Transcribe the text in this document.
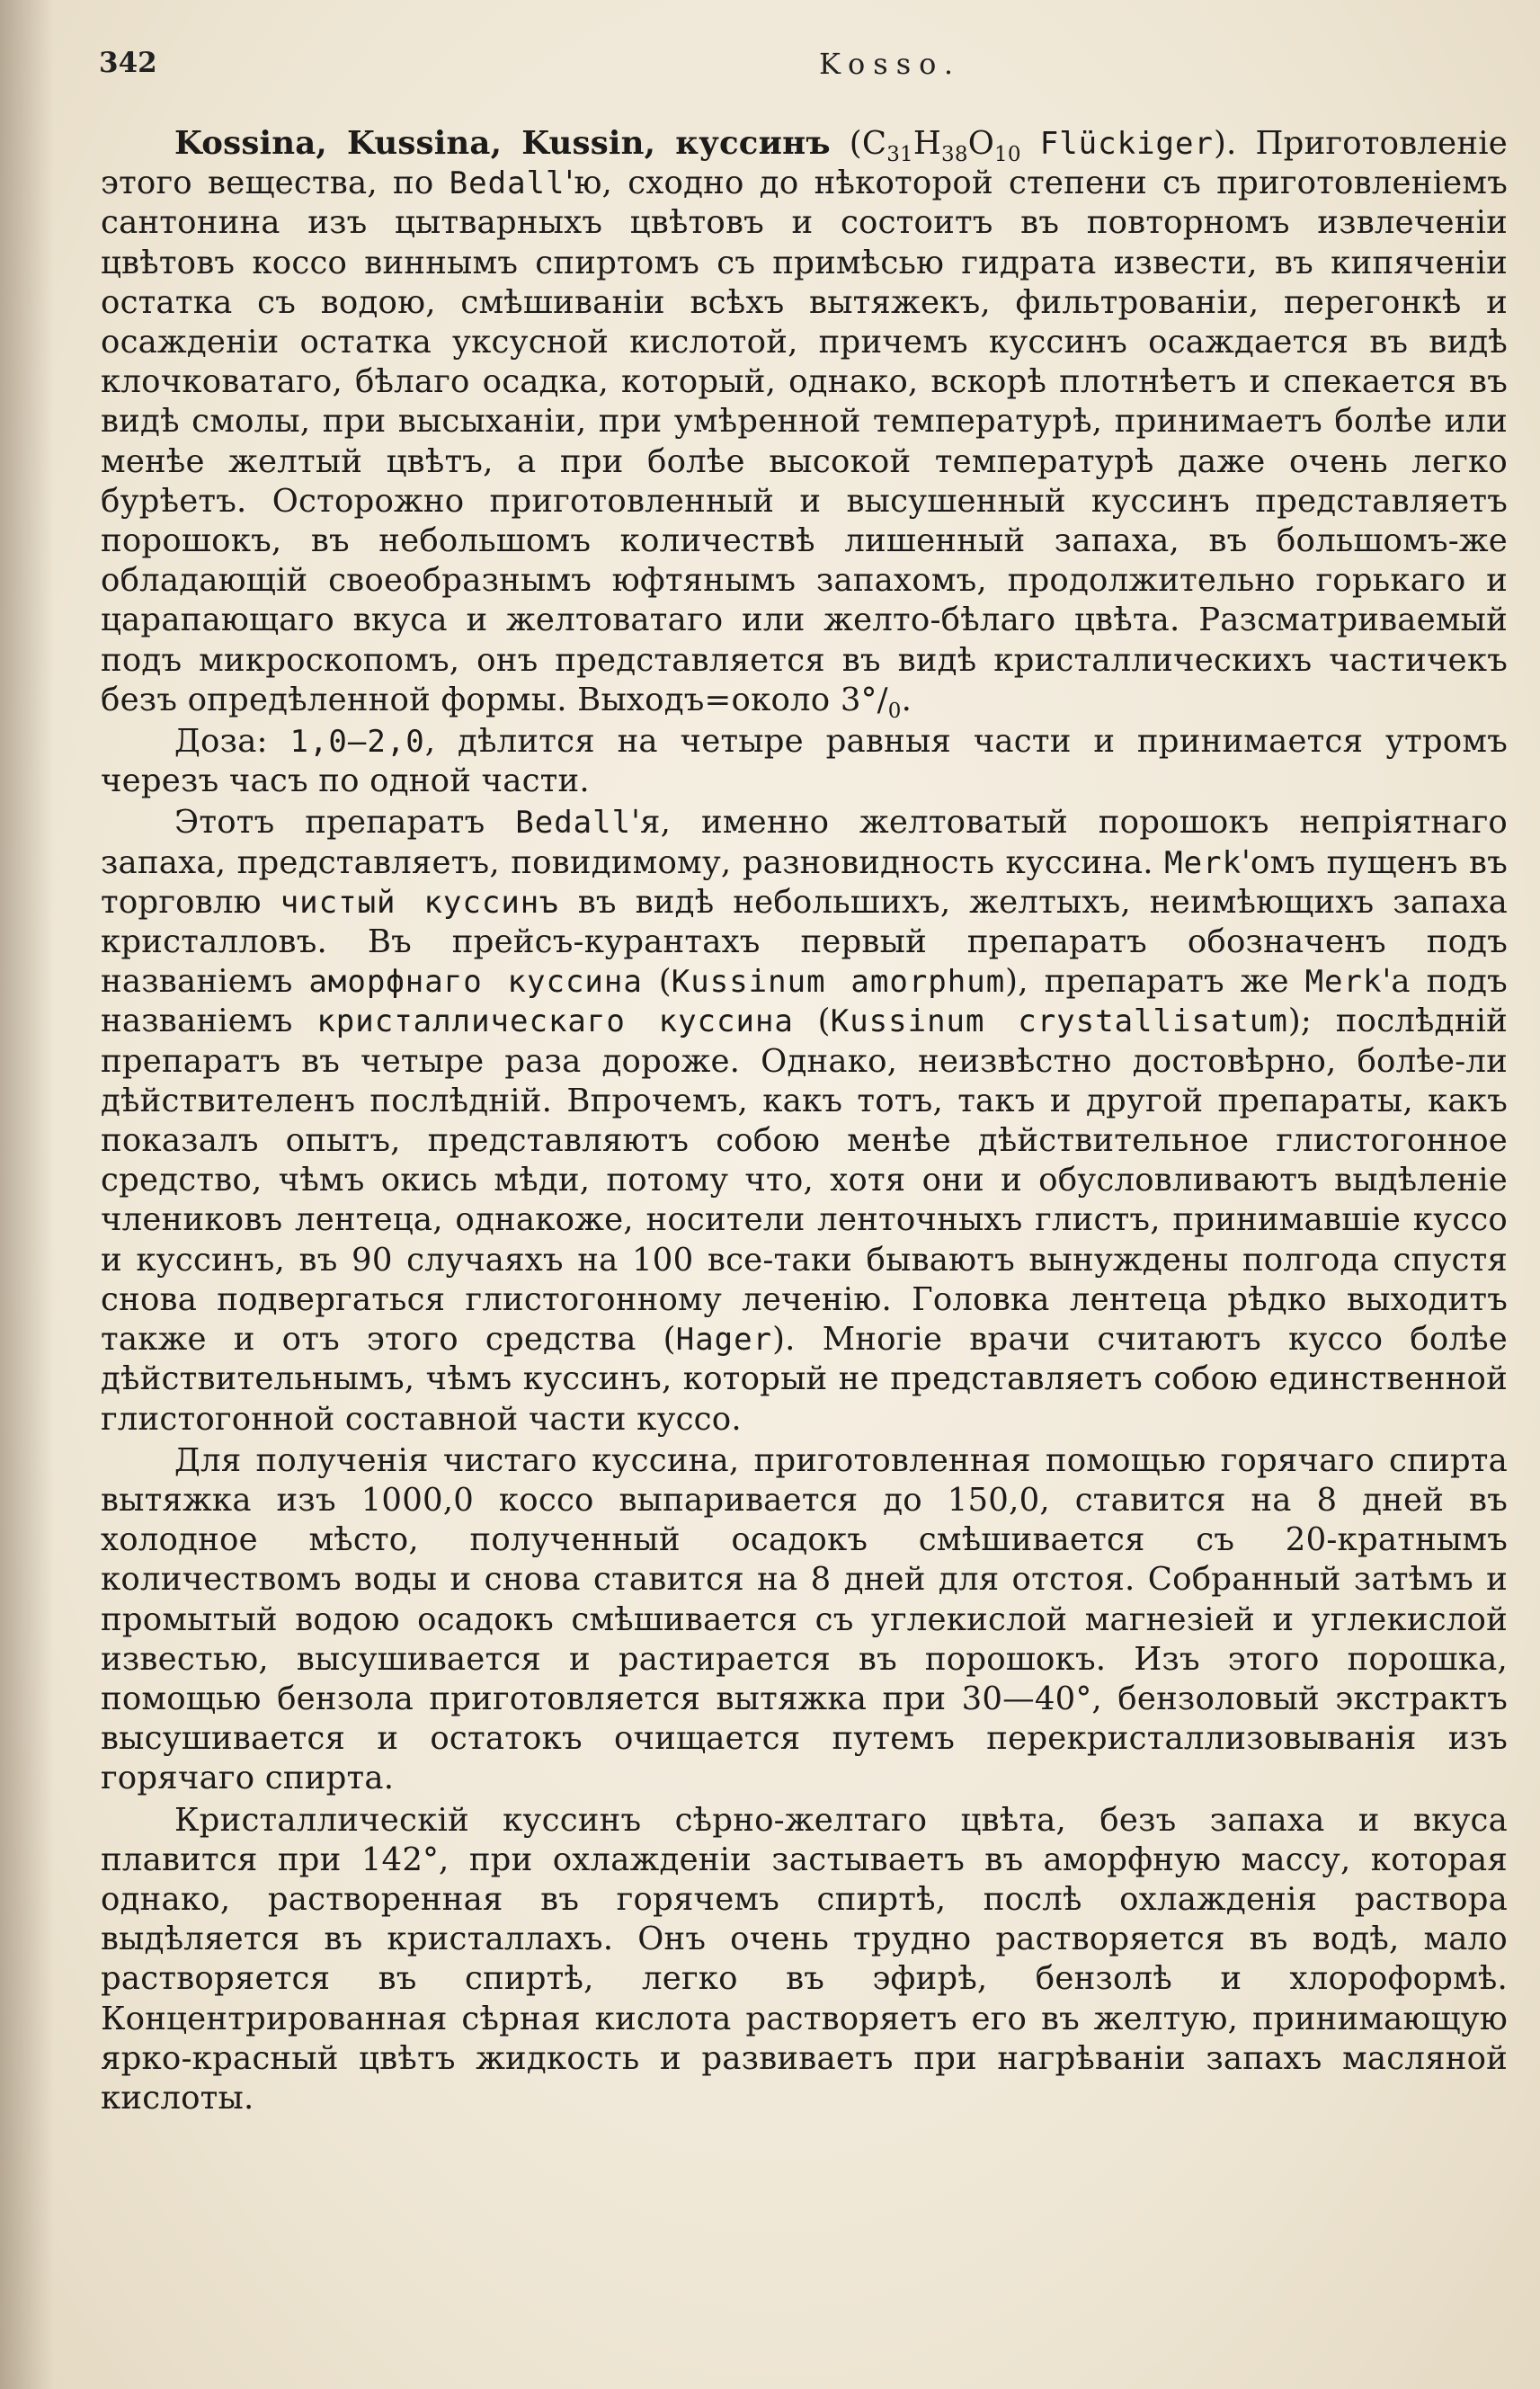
342	Kosso.

Kossina, Kussina, Kussin, куссинъ ($C_{31}H_{38}O_{10}$ Flückiger). Приготовленіе этого вещества, по Bedall'ю, сходно до нѣкоторой степени съ приготовленіемъ сантонина изъ цытварныхъ цвѣтовъ и состоитъ въ повторномъ извлеченіи цвѣтовъ коссо виннымъ спиртомъ съ примѣсью гидрата извести, въ кипяченіи остатка съ водою, смѣшиваніи всѣхъ вытяжекъ, фильтрованіи, перегонкѣ и осажденіи остатка уксусной кислотой, причемъ куссинъ осаждается въ видѣ клочковатаго, бѣлаго осадка, который, однако, вскорѣ плотнѣетъ и спекается въ видѣ смолы, при высыханіи, при умѣренной температурѣ, принимаетъ болѣе или менѣе желтый цвѣтъ, а при болѣе высокой температурѣ даже очень легко бурѣетъ. Осторожно приготовленный и высушенный куссинъ представляетъ порошокъ, въ небольшомъ количествѣ лишенный запаха, въ большомъ-же обладающій своеобразнымъ юфтянымъ запахомъ, продолжительно горькаго и царапающаго вкуса и желтоватаго или желто-бѣлаго цвѣта. Разсматриваемый подъ микроскопомъ, онъ представляется въ видѣ кристаллическихъ частичекъ безъ опредѣленной формы. Выходъ=около $3^\circ/_0$.

Доза: 1,0—2,0, дѣлится на четыре равныя части и принимается утромъ черезъ часъ по одной части.

Этотъ препаратъ Bedall'я, именно желтоватый порошокъ непріятнаго запаха, представляетъ, повидимому, разновидность куссина. Merk'омъ пущенъ въ торговлю чистый куссинъ въ видѣ небольшихъ, желтыхъ, неимѣющихъ запаха кристалловъ. Въ прейсъ-курантахъ первый препаратъ обозначенъ подъ названіемъ аморфнаго куссина (Kussinum amorphum), препаратъ же Merk'а подъ названіемъ кристаллическаго куссина (Kussinum crystallisatum); послѣдній препаратъ въ четыре раза дороже. Однако, неизвѣстно достовѣрно, болѣе-ли дѣйствителенъ послѣдній. Впрочемъ, какъ тотъ, такъ и другой препараты, какъ показалъ опытъ, представляютъ собою менѣе дѣйствительное глистогонное средство, чѣмъ окись мѣди, потому что, хотя они и обусловливаютъ выдѣленіе члениковъ лентеца, однакоже, носители ленточныхъ глистъ, принимавшіе куссо и куссинъ, въ 90 случаяхъ на 100 все-таки бываютъ вынуждены полгода спустя снова подвергаться глистогонному леченію. Головка лентеца рѣдко выходитъ также и отъ этого средства (Hager). Многіе врачи считаютъ куссо болѣе дѣйствительнымъ, чѣмъ куссинъ, который не представляетъ собою единственной глистогонной составной части куссо.

Для полученія чистаго куссина, приготовленная помощью горячаго спирта вытяжка изъ 1000,0 коссо выпаривается до 150,0, ставится на 8 дней въ холодное мѣсто, полученный осадокъ смѣшивается съ 20-кратнымъ количествомъ воды и снова ставится на 8 дней для отстоя. Собранный затѣмъ и промытый водою осадокъ смѣшивается съ углекислой магнезіей и углекислой известью, высушивается и растирается въ порошокъ. Изъ этого порошка, помощью бензола приготовляется вытяжка при 30—40°, бензоловый экстрактъ высушивается и остатокъ очищается путемъ перекристаллизовыванія изъ горячаго спирта.

Кристаллическій куссинъ сѣрно-желтаго цвѣта, безъ запаха и вкуса плавится при 142°, при охлажденіи застываетъ въ аморфную массу, которая однако, растворенная въ горячемъ спиртѣ, послѣ охлажденія раствора выдѣляется въ кристаллахъ. Онъ очень трудно растворяется въ водѣ, мало растворяется въ спиртѣ, легко въ эфирѣ, бензолѣ и хлороформѣ. Концентрированная сѣрная кислота растворяетъ его въ желтую, принимающую ярко-красный цвѣтъ жидкость и развиваетъ при нагрѣваніи запахъ масляной кислоты.
